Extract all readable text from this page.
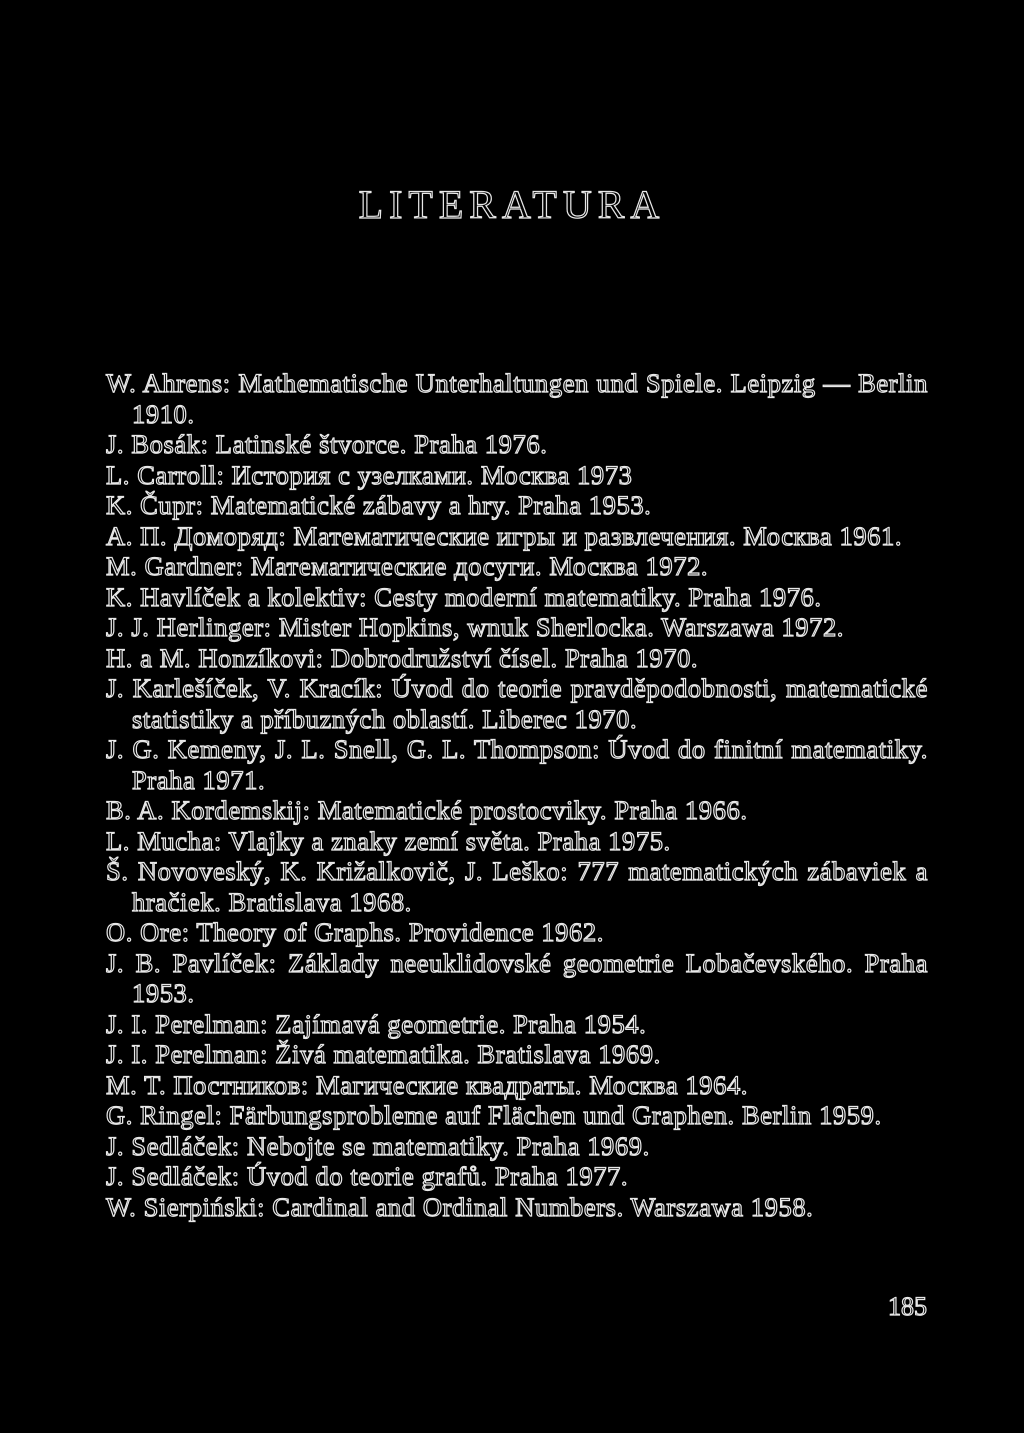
LITERATURA
W. Ahrens: Mathematische Unterhaltungen und Spiele. Leipzig — Berlin 1910.
J. Bosák: Latinské štvorce. Praha 1976.
L. Carroll: История с узелками. Москва 1973
K. Čupr: Matematické zábavy a hry. Praha 1953.
A. П. Доморяд: Математические игры и развлечения. Москва 1961.
M. Gardner: Математические досуги. Москва 1972.
K. Havlíček a kolektiv: Cesty moderní matematiky. Praha 1976.
J. J. Herlinger: Mister Hopkins, wnuk Sherlocka. Warszawa 1972.
H. a M. Honzíkovi: Dobrodružství čísel. Praha 1970.
J. Karlešíček, V. Kracík: Úvod do teorie pravděpodobnosti, matematické statistiky a příbuzných oblastí. Liberec 1970.
J. G. Kemeny, J. L. Snell, G. L. Thompson: Úvod do finitní matematiky. Praha 1971.
B. A. Kordemskij: Matematické prostocviky. Praha 1966.
L. Mucha: Vlajky a znaky zemí světa. Praha 1975.
Š. Novoveský, K. Križalkovič, J. Leško: 777 matematických zábaviek a hračiek. Bratislava 1968.
O. Ore: Theory of Graphs. Providence 1962.
J. B. Pavlíček: Základy neeuklidovské geometrie Lobačevského. Praha 1953.
J. I. Perelman: Zajímavá geometrie. Praha 1954.
J. I. Perelman: Živá matematika. Bratislava 1969.
M. T. Постников: Магические квадраты. Москва 1964.
G. Ringel: Färbungsprobleme auf Flächen und Graphen. Berlin 1959.
J. Sedláček: Nebojte se matematiky. Praha 1969.
J. Sedláček: Úvod do teorie grafů. Praha 1977.
W. Sierpiński: Cardinal and Ordinal Numbers. Warszawa 1958.

185
